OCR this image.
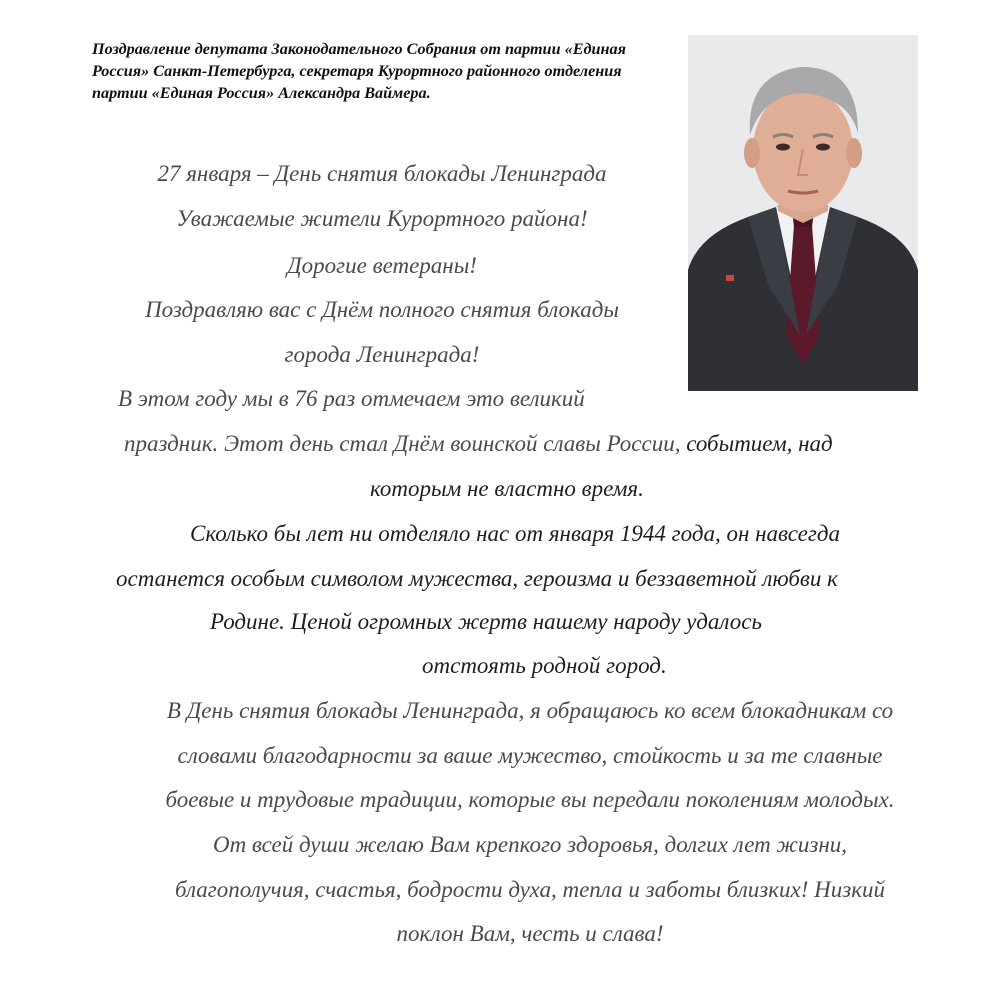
Поздравление депутата Законодательного Собрания от партии «Единая Россия» Санкт-Петербурга, секретаря Курортного районного отделения партии «Единая Россия» Александра Ваймера.
27 января – День снятия блокады Ленинграда
Уважаемые жители Курортного района!
Дорогие ветераны!
Поздравляю вас с Днём полного снятия блокады
города Ленинграда!
В этом году мы в 76 раз отмечаем это великий
праздник. Этот день стал Днём воинской славы России, событием, над
которым не властно время.
Сколько бы лет ни отделяло нас от января 1944 года, он навсегда
останется особым символом мужества, героизма и беззаветной любви к
Родине. Ценой огромных жертв нашему народу удалось
отстоять родной город.
В День снятия блокады Ленинграда, я обращаюсь ко всем блокадникам со
словами благодарности за ваше мужество, стойкость и за те славные
боевые и трудовые традиции, которые вы передали поколениям молодых.
От всей души желаю Вам крепкого здоровья, долгих лет жизни,
благополучия, счастья, бодрости духа, тепла и заботы близких! Низкий
поклон Вам, честь и слава!
